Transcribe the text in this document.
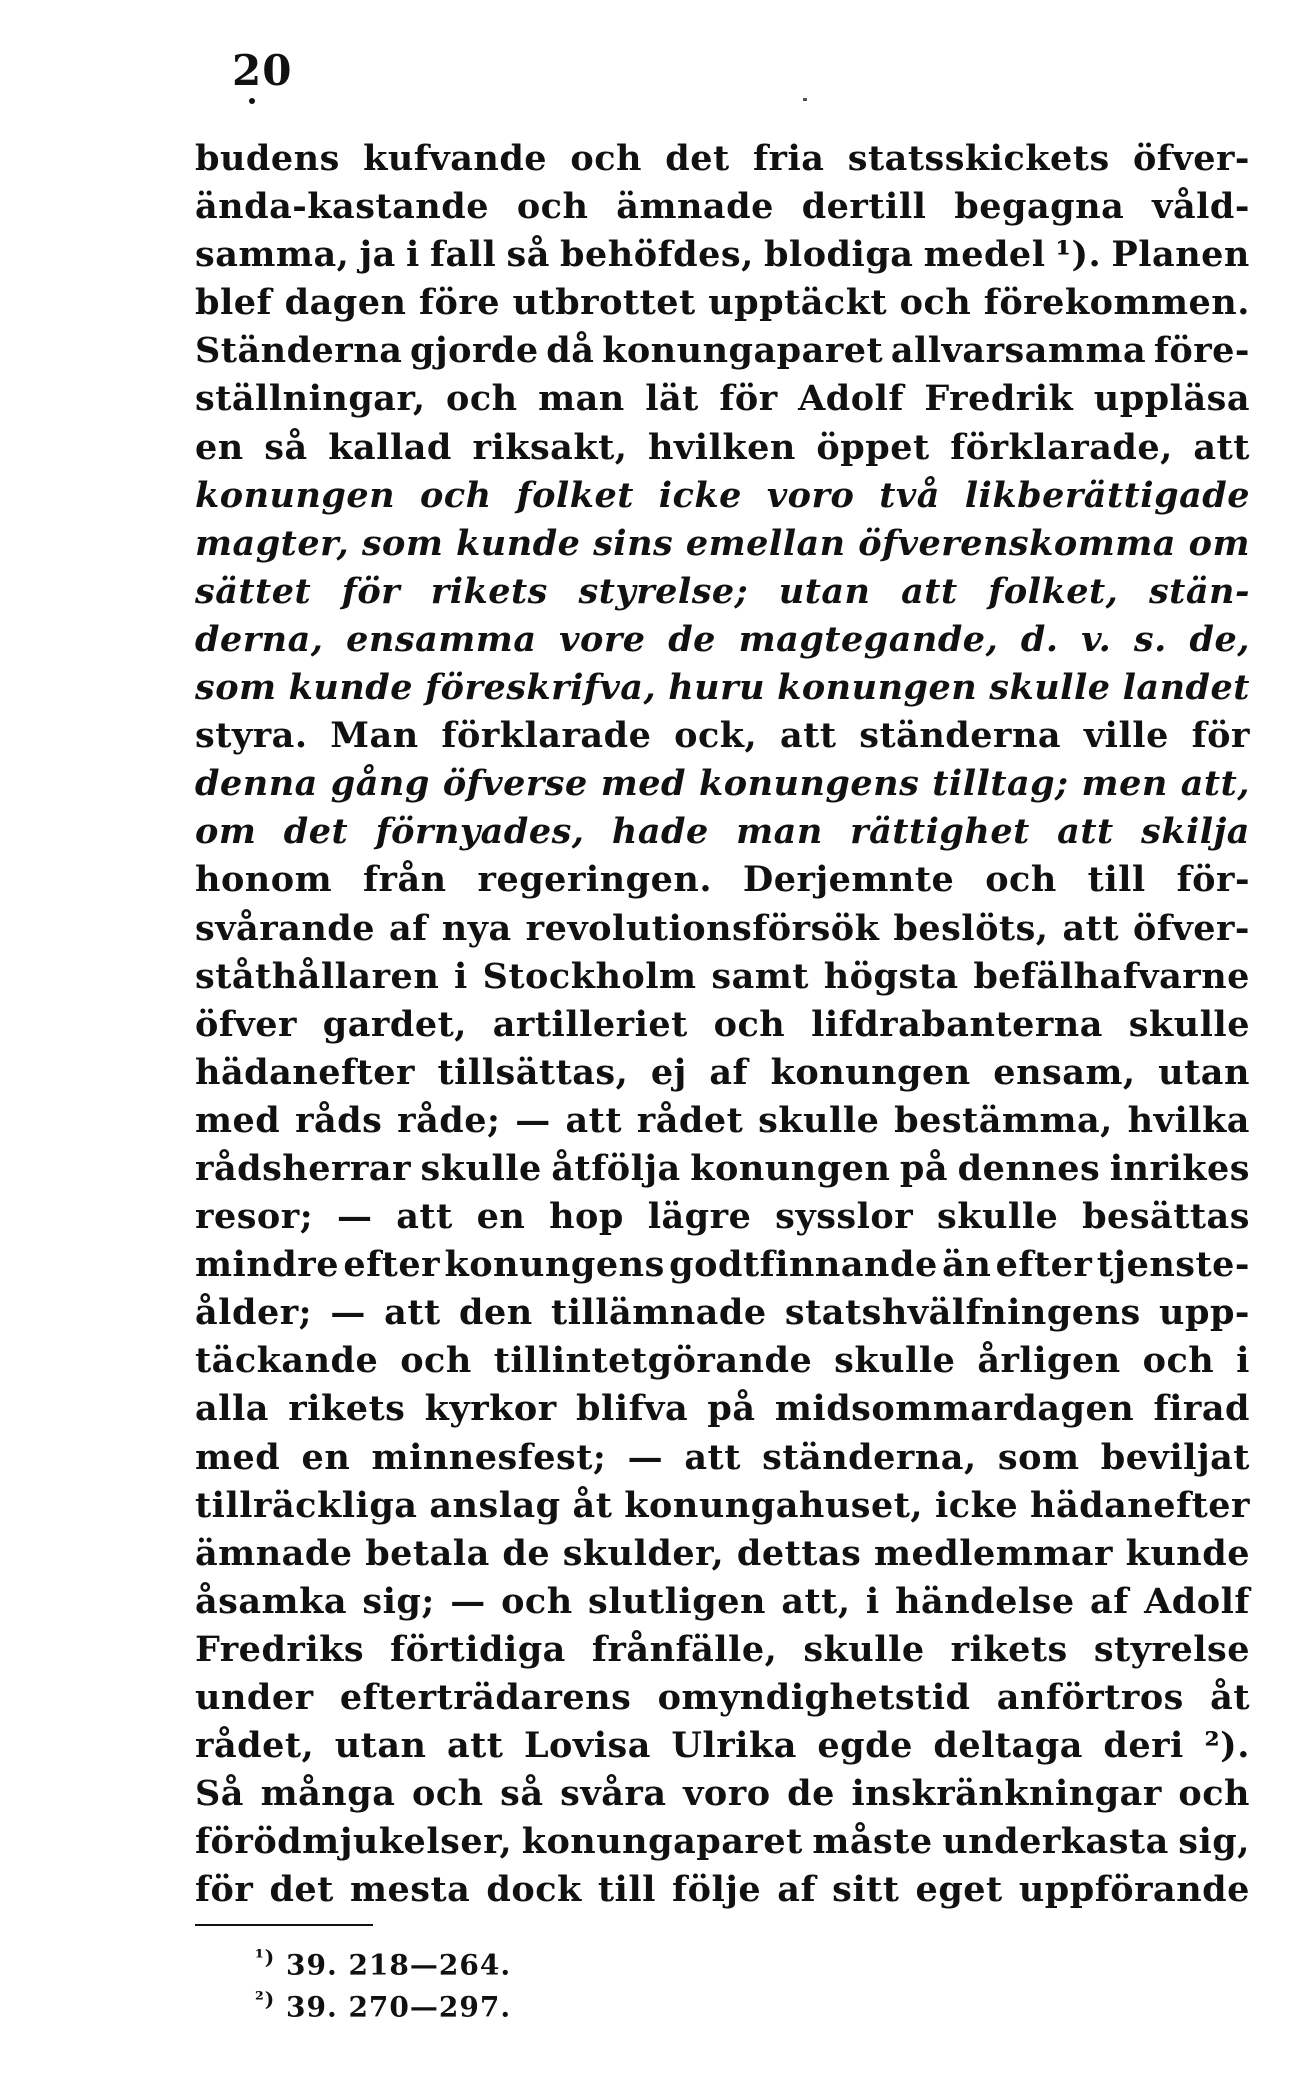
20
budens kufvande och det fria statsskickets öfver-
ända-kastande och ämnade dertill begagna våld-
samma, ja i fall så behöfdes, blodiga medel ¹). Planen
blef dagen före utbrottet upptäckt och förekommen.
Ständerna gjorde då konungaparet allvarsamma före-
ställningar, och man lät för Adolf Fredrik uppläsa
en så kallad riksakt, hvilken öppet förklarade, att
konungen och folket icke voro två likberättigade
magter, som kunde sins emellan öfverenskomma om
sättet för rikets styrelse; utan att folket, stän-
derna, ensamma vore de magtegande, d. v. s. de,
som kunde föreskrifva, huru konungen skulle landet
styra. Man förklarade ock, att ständerna ville för
denna gång öfverse med konungens tilltag; men att,
om det förnyades, hade man rättighet att skilja
honom från regeringen. Derjemnte och till för-
svårande af nya revolutionsförsök beslöts, att öfver-
ståthållaren i Stockholm samt högsta befälhafvarne
öfver gardet, artilleriet och lifdrabanterna skulle
hädanefter tillsättas, ej af konungen ensam, utan
med råds råde; — att rådet skulle bestämma, hvilka
rådsherrar skulle åtfölja konungen på dennes inrikes
resor; — att en hop lägre sysslor skulle besättas
mindre efter konungens godtfinnande än efter tjenste-
ålder; — att den tillämnade statshvälfningens upp-
täckande och tillintetgörande skulle årligen och i
alla rikets kyrkor blifva på midsommardagen firad
med en minnesfest; — att ständerna, som beviljat
tillräckliga anslag åt konungahuset, icke hädanefter
ämnade betala de skulder, dettas medlemmar kunde
åsamka sig; — och slutligen att, i händelse af Adolf
Fredriks förtidiga frånfälle, skulle rikets styrelse
under efterträdarens omyndighetstid anförtros åt
rådet, utan att Lovisa Ulrika egde deltaga deri ²).
Så många och så svåra voro de inskränkningar och
förödmjukelser, konungaparet måste underkasta sig,
för det mesta dock till följe af sitt eget uppförande
$^{^1)}$ 39. 218—264.
$^{^2)}$ 39. 270—297.
